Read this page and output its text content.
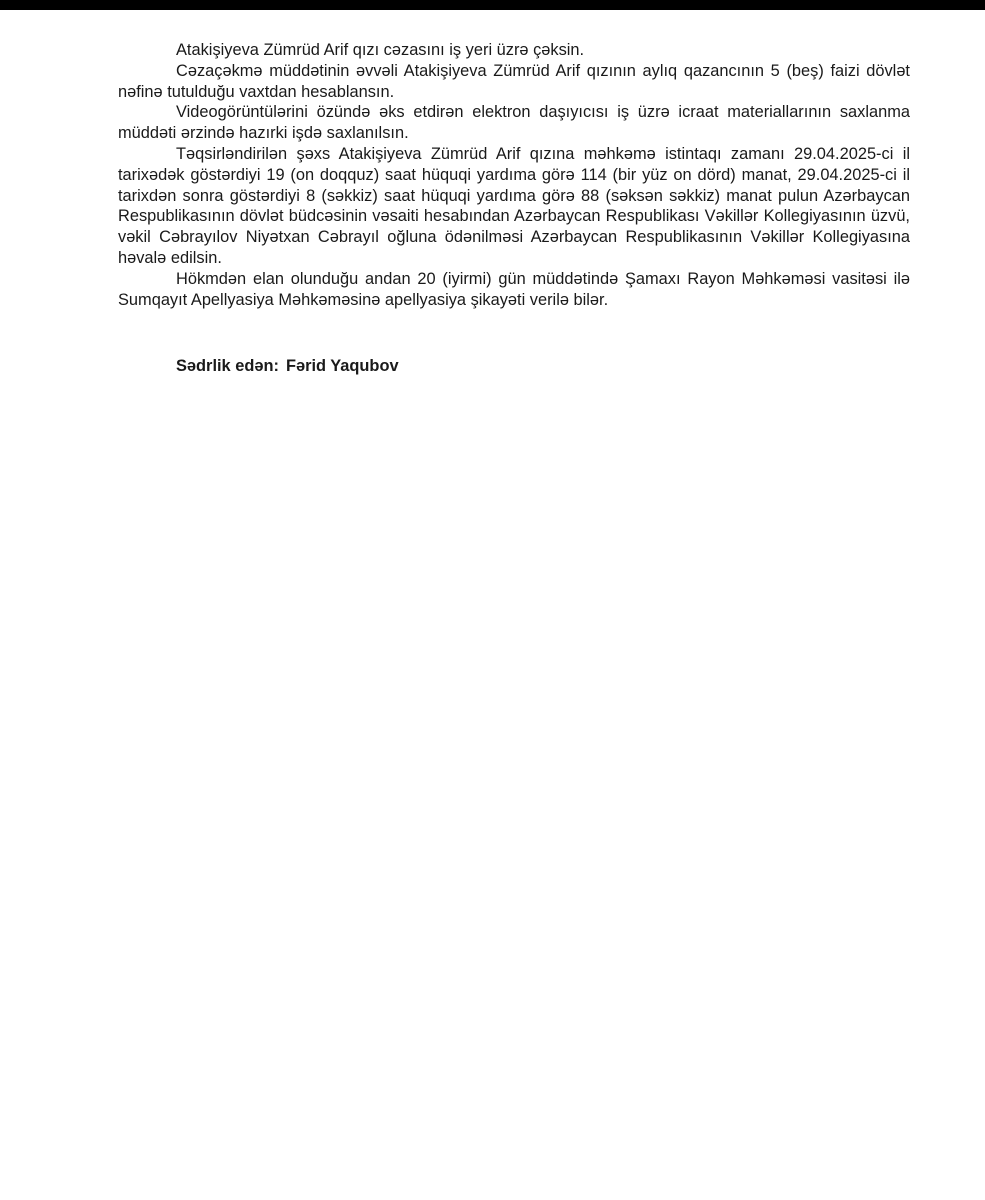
Atakişiyeva Zümrüd Arif qızı cəzasını iş yeri üzrə çəksin.

Cəzaçəkmə müddətinin əvvəli Atakişiyeva Zümrüd Arif qızının aylıq qazancının 5 (beş) faizi dövlət nəfinə tutulduğu vaxtdan hesablansın.

Videogörüntülərini özündə əks etdirən elektron daşıyıcısı iş üzrə icraat materiallarının saxlanma müddəti ərzində hazırki işdə saxlanılsın.

Təqsirləndirilən şəxs Atakişiyeva Zümrüd Arif qızına məhkəmə istintaqı zamanı 29.04.2025-ci il tarixədək göstərdiyi 19 (on doqquz) saat hüquqi yardıma görə 114 (bir yüz on dörd) manat, 29.04.2025-ci il tarixdən sonra göstərdiyi 8 (səkkiz) saat hüquqi yardıma görə 88 (səksən səkkiz) manat pulun Azərbaycan Respublikasının dövlət büdcəsinin vəsaiti hesabından Azərbaycan Respublikası Vəkillər Kollegiyasının üzvü, vəkil Cəbrayılov Niyətxan Cəbrayıl oğluna ödənilməsi Azərbaycan Respublikasının Vəkillər Kollegiyasına həvalə edilsin.

Hökmdən elan olunduğu andan 20 (iyirmi) gün müddətində Şamaxı Rayon Məhkəməsi vasitəsi ilə Sumqayıt Apellyasiya Məhkəməsinə apellyasiya şikayəti verilə bilər.

Sədrlik edən: Fərid Yaqubov
